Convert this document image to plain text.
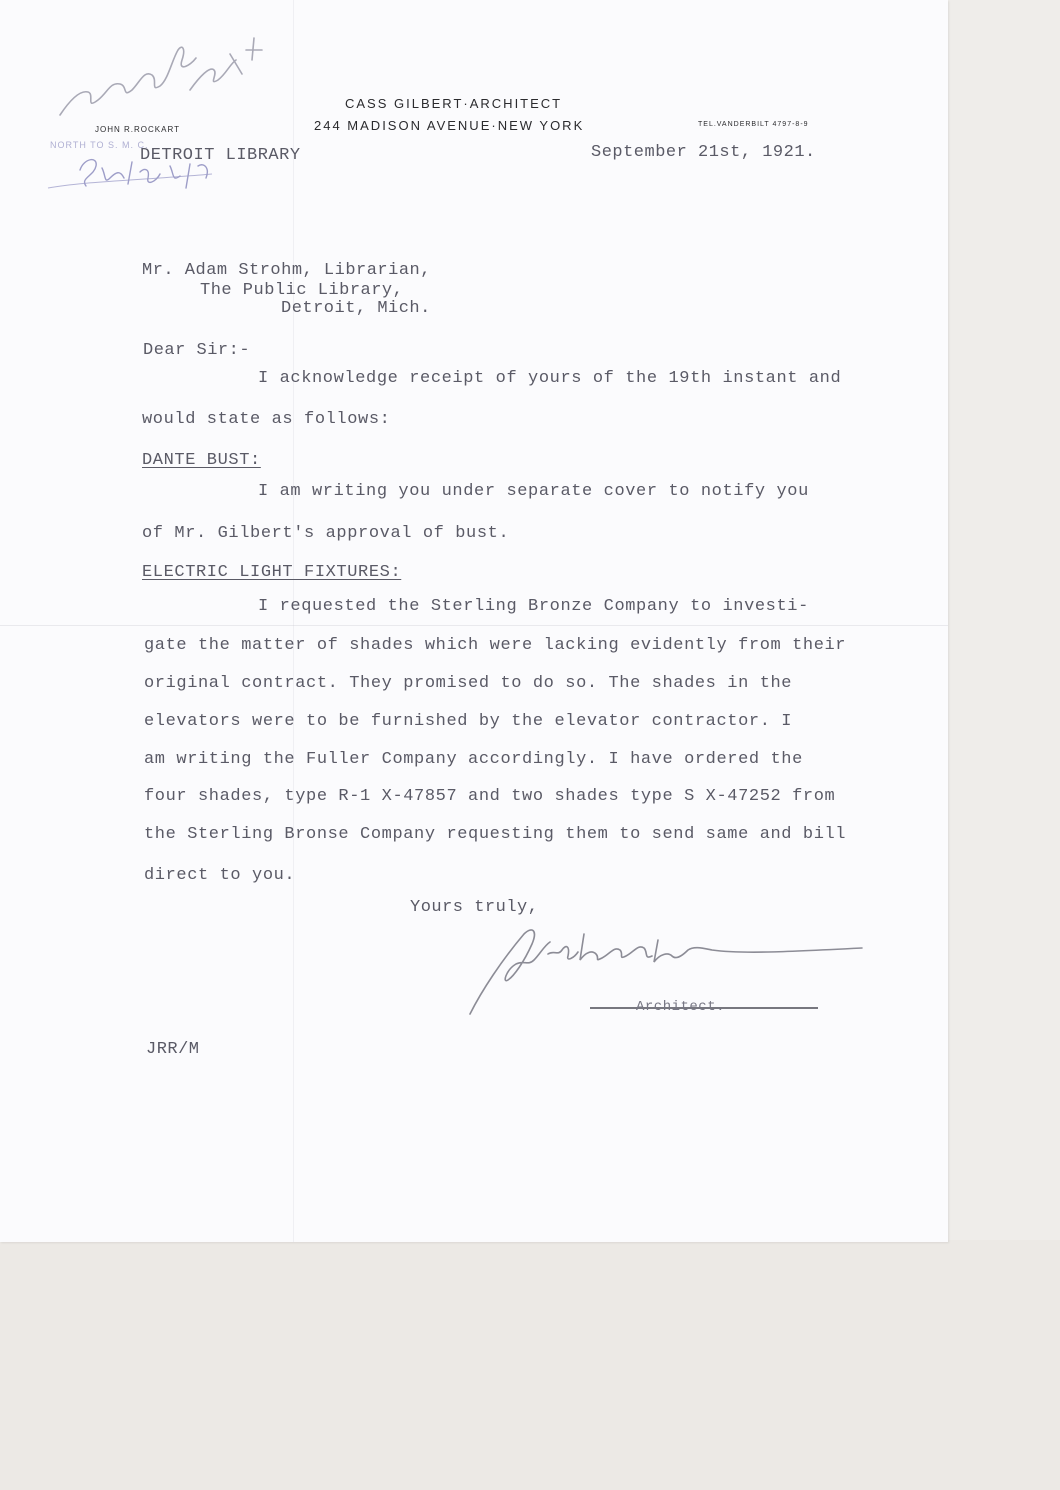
CASS GILBERT·ARCHITECT
244 MADISON AVENUE·NEW YORK
JOHN R.ROCKART
TEL.VANDERBILT 4797-8-9
NORTH TO S. M. C.
DETROIT LIBRARY	September 21st, 1921.
Mr. Adam Strohm, Librarian,
The Public Library,
Detroit, Mich.
Dear Sir:-
I acknowledge receipt of yours of the 19th instant and
would state as follows:
DANTE BUST:
I am writing you under separate cover to notify you
of Mr. Gilbert's approval of bust.
ELECTRIC LIGHT FIXTURES:
I requested the Sterling Bronze Company to investi-
gate the matter of shades which were lacking evidently from their
original contract. They promised to do so. The shades in the
elevators were to be furnished by the elevator contractor. I
am writing the Fuller Company accordingly. I have ordered the
four shades, type R-1 X-47857 and two shades type S X-47252 from
the Sterling Bronse Company requesting them to send same and bill
direct to you.
Yours truly,
Architect.
JRR/M
